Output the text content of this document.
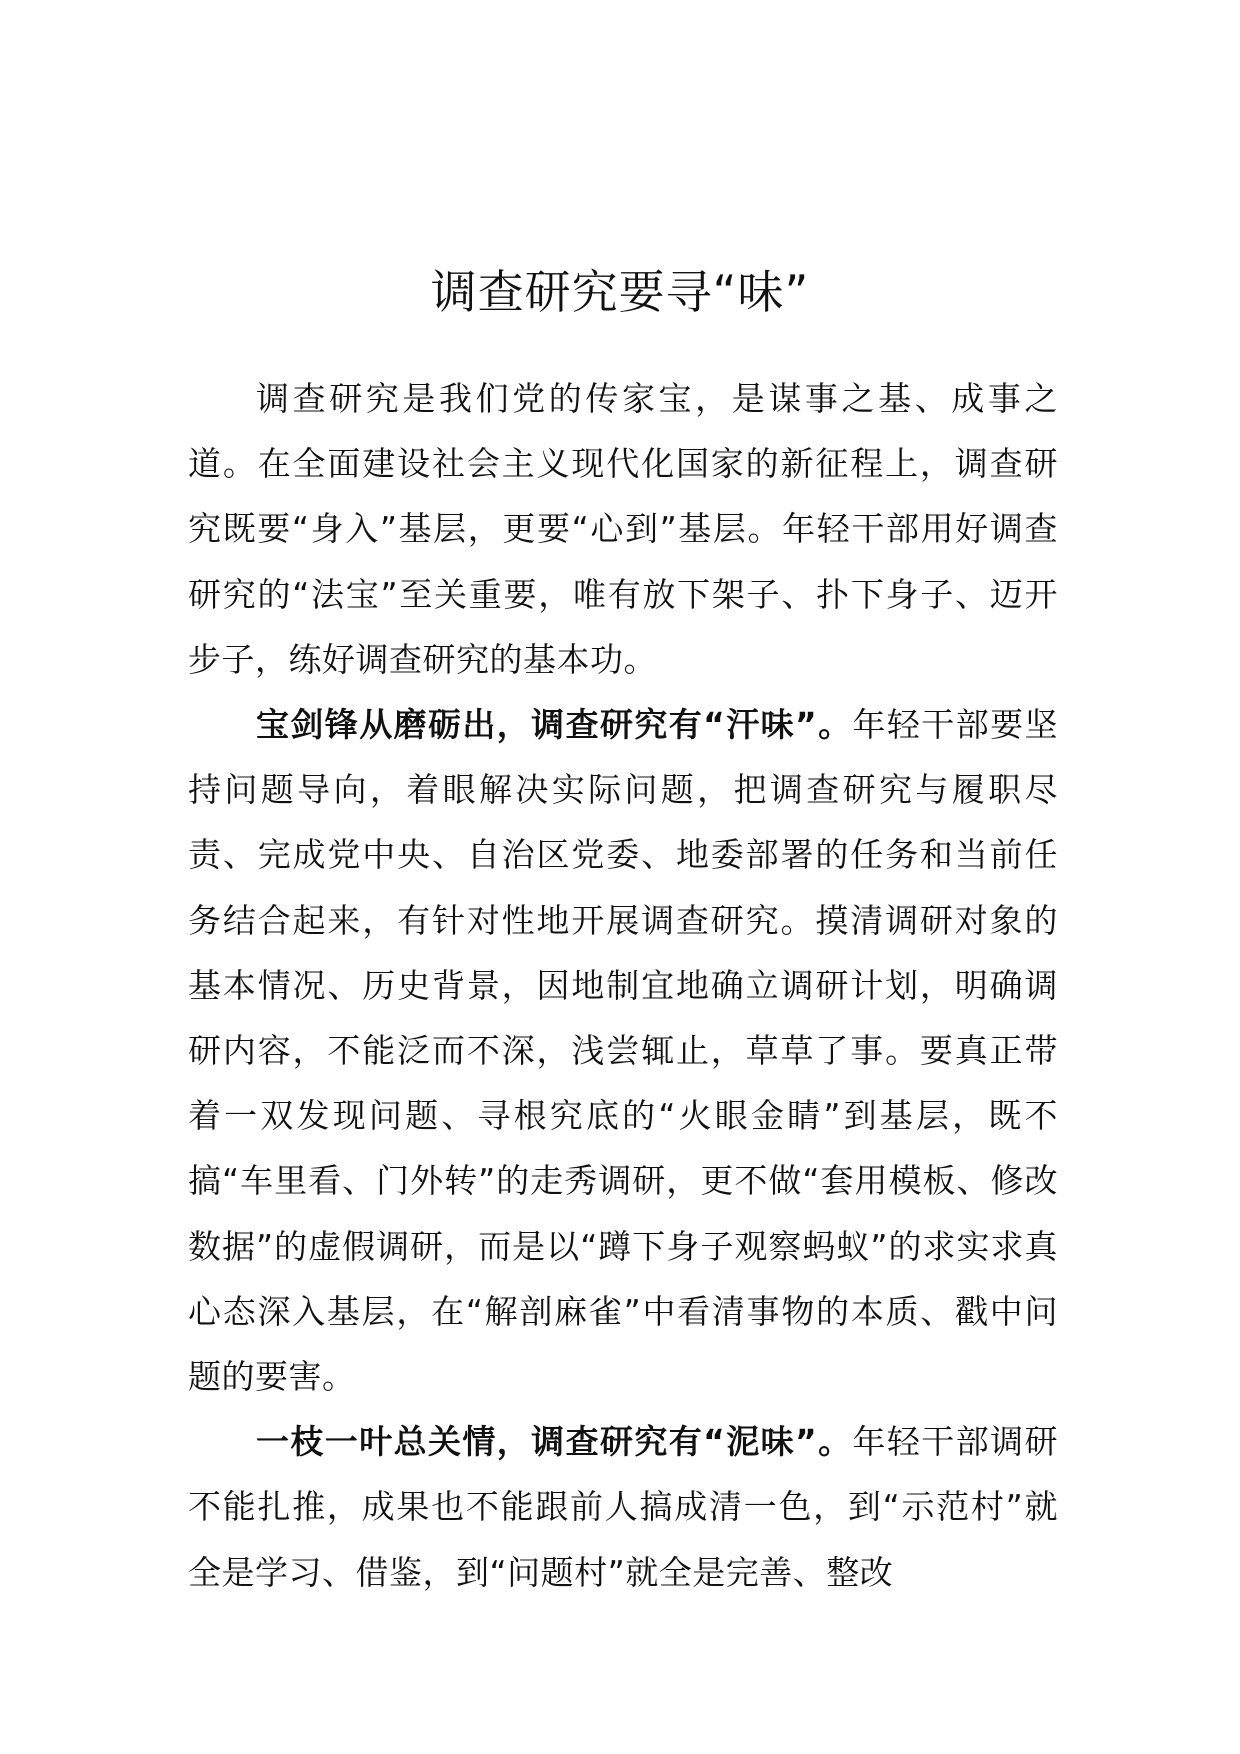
调查研究要寻“味”

调查研究是我们党的传家宝，是谋事之基、成事之道。在全面建设社会主义现代化国家的新征程上，调查研究既要“身入”基层，更要“心到”基层。年轻干部用好调查研究的“法宝”至关重要，唯有放下架子、扑下身子、迈开步子，练好调查研究的基本功。

宝剑锋从磨砺出，调查研究有“汗味”。年轻干部要坚持问题导向，着眼解决实际问题，把调查研究与履职尽责、完成党中央、自治区党委、地委部署的任务和当前任务结合起来，有针对性地开展调查研究。摸清调研对象的基本情况、历史背景，因地制宜地确立调研计划，明确调研内容，不能泛而不深，浅尝辄止，草草了事。要真正带着一双发现问题、寻根究底的“火眼金睛”到基层，既不搞“车里看、门外转”的走秀调研，更不做“套用模板、修改数据”的虚假调研，而是以“蹲下身子观察蚂蚁”的求实求真心态深入基层，在“解剖麻雀”中看清事物的本质、戳中问题的要害。

一枝一叶总关情，调查研究有“泥味”。年轻干部调研不能扎推，成果也不能跟前人搞成清一色，到“示范村”就全是学习、借鉴，到“问题村”就全是完善、整改
